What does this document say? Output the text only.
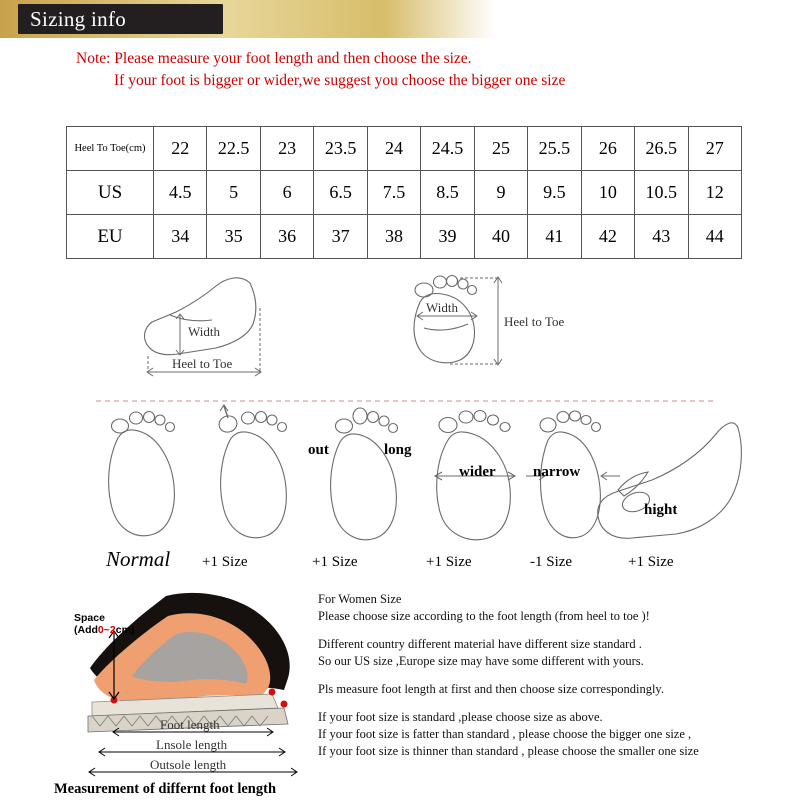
Sizing info
Note: Please measure your foot length and then choose the size.
If your foot is bigger or wider,we suggest you choose the bigger one size
Heel To Toe(cm)	22	22.5	23	23.5	24	24.5	25	25.5	26	26.5	27
US	4.5	5	6	6.5	7.5	8.5	9	9.5	10	10.5	12
EU	34	35	36	37	38	39	40	41	42	43	44
Width
Heel to Toe
Width
Heel to Toe
out	long
wider narrow
hight
Normal +1 Size	+1 Size	+1 Size	-1 Size	+1 Size
Foot length
Lnsole length
Outsole length
Space
(Add0~2cm)

For Women Size

Please choose size according to the foot length (from heel to toe )!

Different country different material have different size standard .

So our US size ,Europe size may have some different with yours.

Pls measure foot length at first and then choose size correspondingly.

If your foot size is standard ,please choose size as above.

If your foot size is fatter than standard , please choose the bigger one size ,

If your foot size is thinner than standard , please choose the smaller one size

Measurement of differnt foot length
